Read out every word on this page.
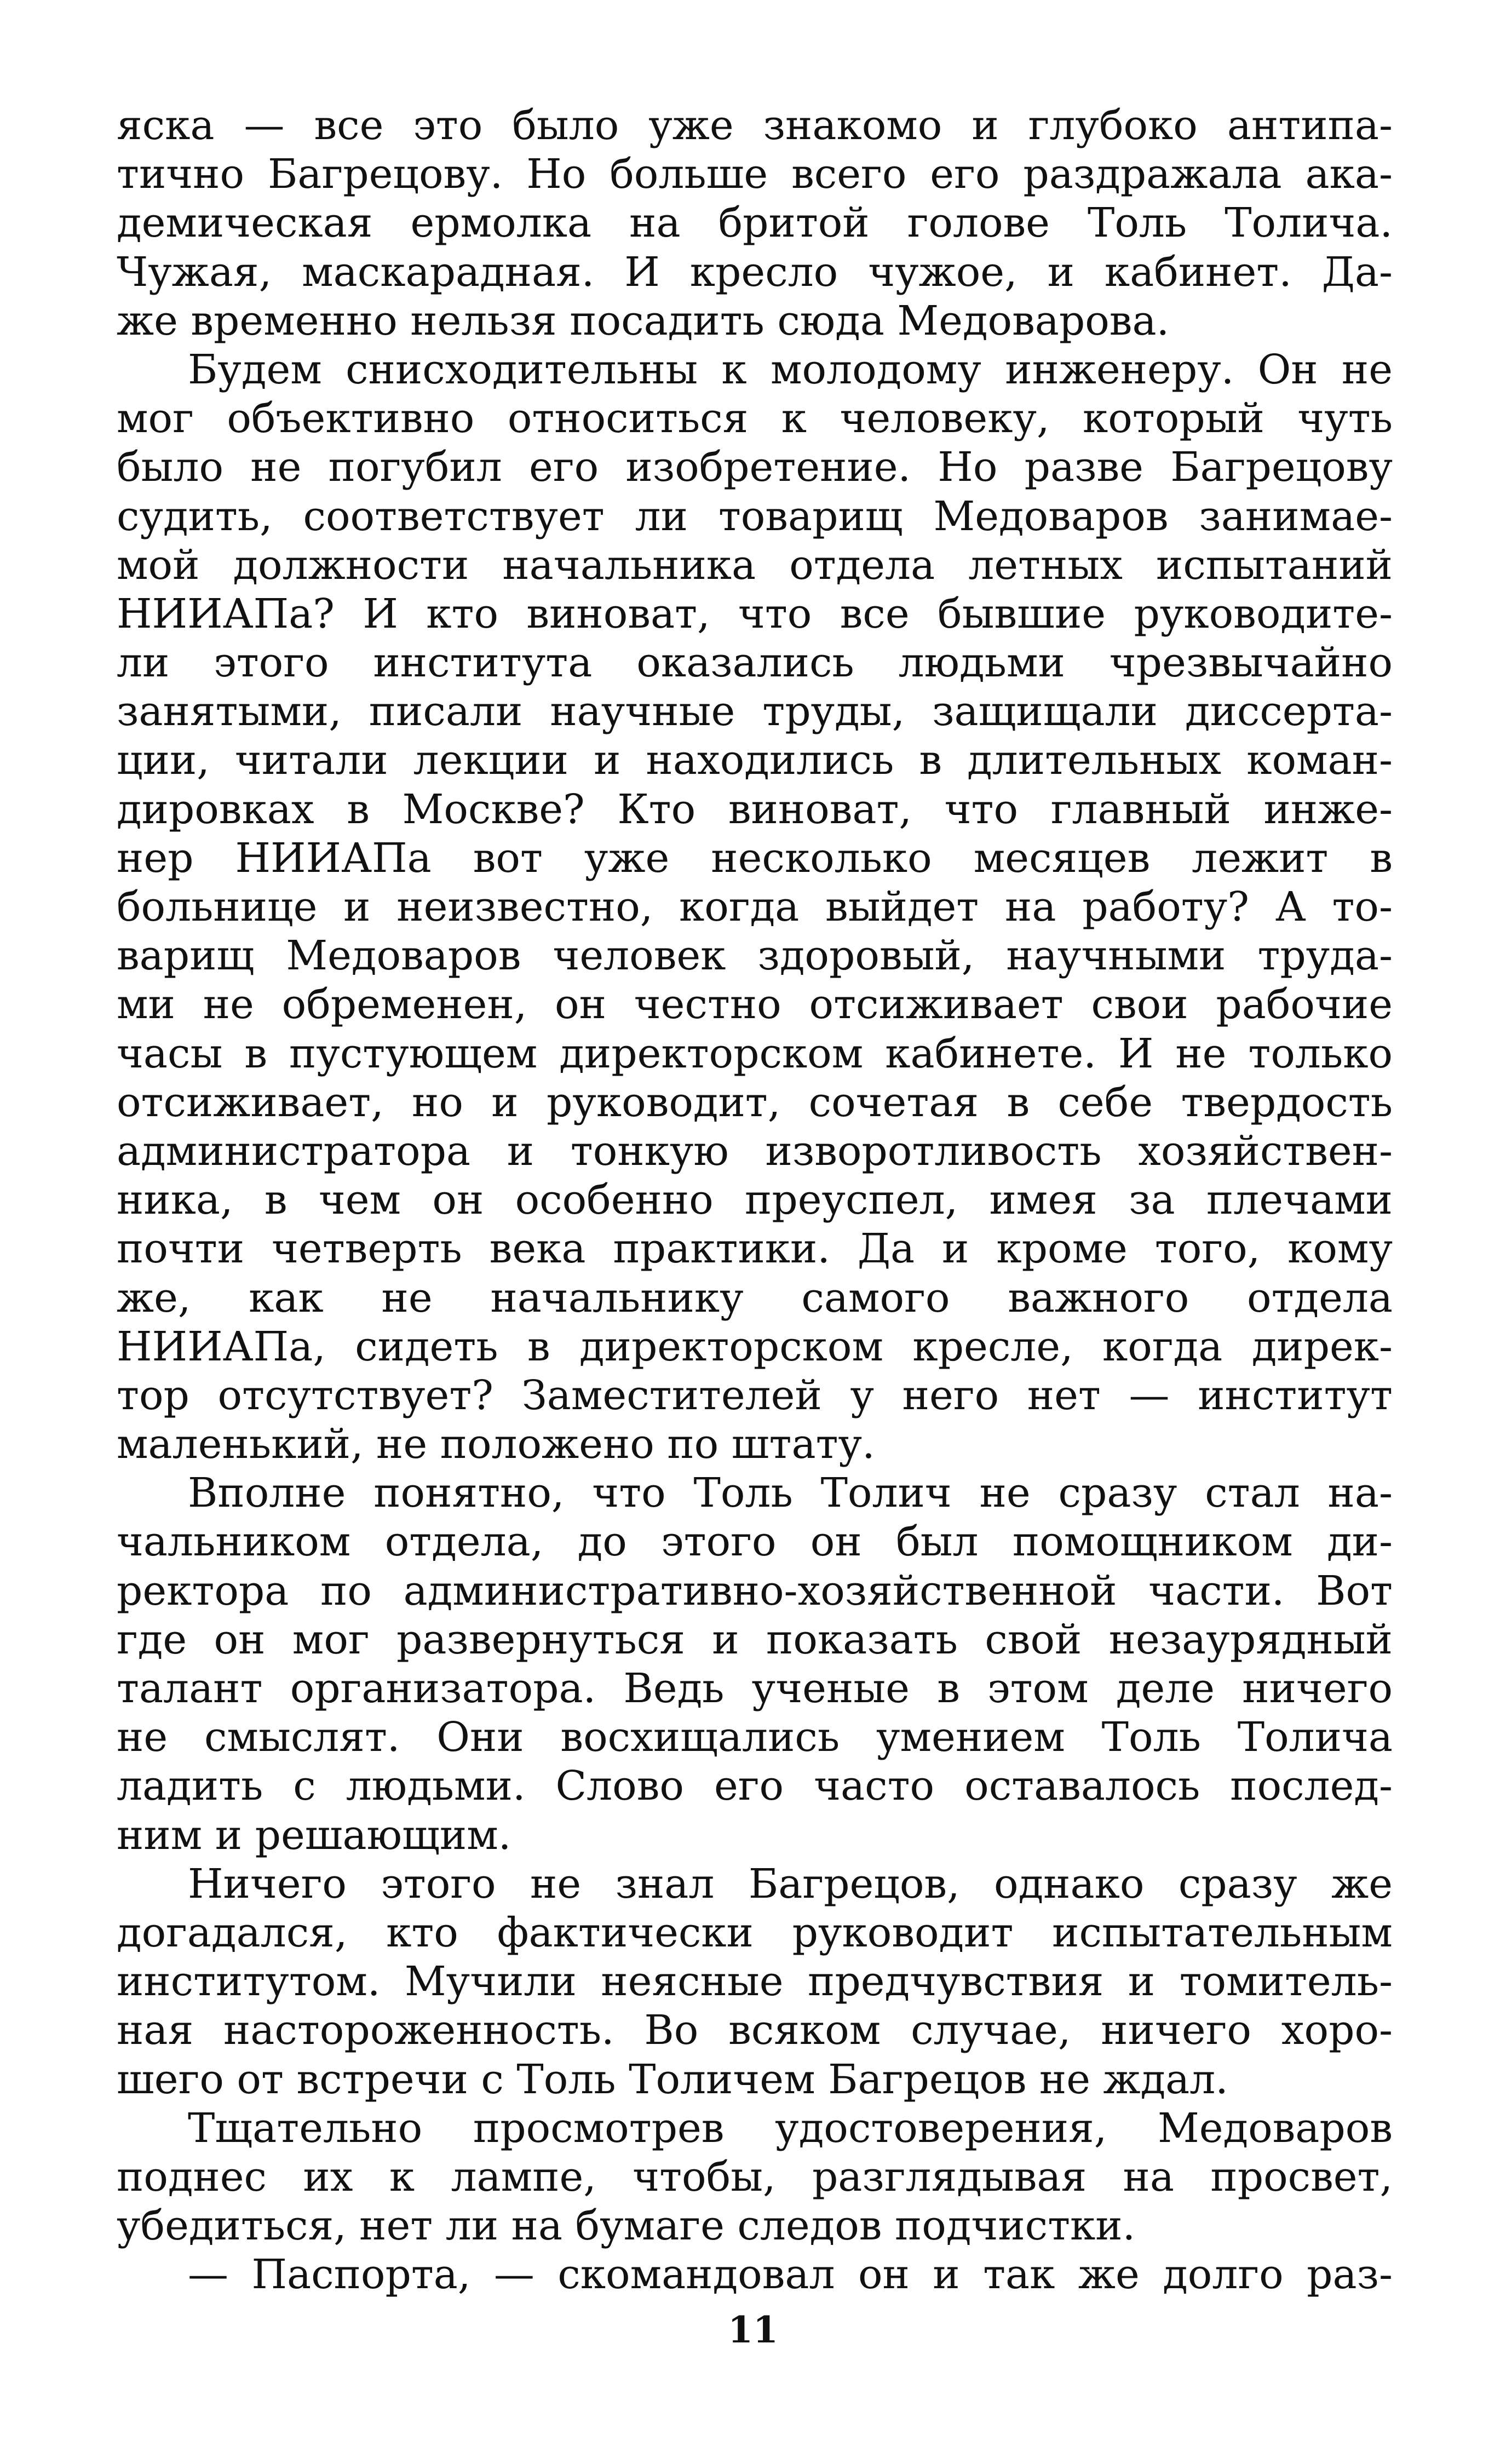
яска — все это было уже знакомо и глубоко антипа-
тично Багрецову. Но больше всего его раздражала ака-
демическая ермолка на бритой голове Толь Толича.
Чужая, маскарадная. И кресло чужое, и кабинет. Да-
же временно нельзя посадить сюда Медоварова.
Будем снисходительны к молодому инженеру. Он не
мог объективно относиться к человеку, который чуть
было не погубил его изобретение. Но разве Багрецову
судить, соответствует ли товарищ Медоваров занимае-
мой должности начальника отдела летных испытаний
НИИАПа? И кто виноват, что все бывшие руководите-
ли этого института оказались людьми чрезвычайно
занятыми, писали научные труды, защищали диссерта-
ции, читали лекции и находились в длительных коман-
дировках в Москве? Кто виноват, что главный инже-
нер НИИАПа вот уже несколько месяцев лежит в
больнице и неизвестно, когда выйдет на работу? А то-
варищ Медоваров человек здоровый, научными труда-
ми не обременен, он честно отсиживает свои рабочие
часы в пустующем директорском кабинете. И не только
отсиживает, но и руководит, сочетая в себе твердость
администратора и тонкую изворотливость хозяйствен-
ника, в чем он особенно преуспел, имея за плечами
почти четверть века практики. Да и кроме того, кому
же, как не начальнику самого важного отдела
НИИАПа, сидеть в директорском кресле, когда дирек-
тор отсутствует? Заместителей у него нет — институт
маленький, не положено по штату.
Вполне понятно, что Толь Толич не сразу стал на-
чальником отдела, до этого он был помощником ди-
ректора по административно-хозяйственной части. Вот
где он мог развернуться и показать свой незаурядный
талант организатора. Ведь ученые в этом деле ничего
не смыслят. Они восхищались умением Толь Толича
ладить с людьми. Слово его часто оставалось послед-
ним и решающим.
Ничего этого не знал Багрецов, однако сразу же
догадался, кто фактически руководит испытательным
институтом. Мучили неясные предчувствия и томитель-
ная настороженность. Во всяком случае, ничего хоро-
шего от встречи с Толь Толичем Багрецов не ждал.
Тщательно просмотрев удостоверения, Медоваров
поднес их к лампе, чтобы, разглядывая на просвет,
убедиться, нет ли на бумаге следов подчистки.
— Паспорта, — скомандовал он и так же долго раз-
11
